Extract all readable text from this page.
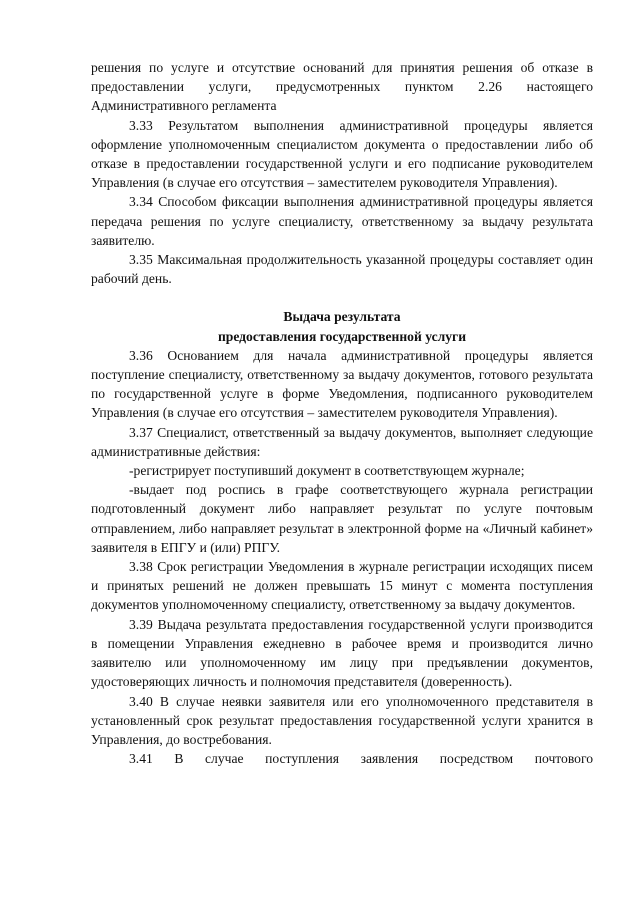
решения по услуге и отсутствие оснований для принятия решения об отказе в предоставлении услуги, предусмотренных пунктом 2.26 настоящего Административного регламента

3.33 Результатом выполнения административной процедуры является оформление уполномоченным специалистом документа о предоставлении либо об отказе в предоставлении государственной услуги и его подписание руководителем Управления (в случае его отсутствия – заместителем руководителя Управления).

3.34 Способом фиксации выполнения административной процедуры является передача решения по услуге специалисту, ответственному за выдачу результата заявителю.

3.35 Максимальная продолжительность указанной процедуры составляет один рабочий день.

Выдача результата

предоставления государственной услуги

3.36 Основанием для начала административной процедуры является поступление специалисту, ответственному за выдачу документов, готового результата по государственной услуге в форме Уведомления, подписанного руководителем Управления (в случае его отсутствия – заместителем руководителя Управления).

3.37 Специалист, ответственный за выдачу документов, выполняет следующие административные действия:

-регистрирует поступивший документ в соответствующем журнале;

-выдает под роспись в графе соответствующего журнала регистрации подготовленный документ либо направляет результат по услуге почтовым отправлением, либо направляет результат в электронной форме на «Личный кабинет» заявителя в ЕПГУ и (или) РПГУ.

3.38 Срок регистрации Уведомления в журнале регистрации исходящих писем и принятых решений не должен превышать 15 минут с момента поступления документов уполномоченному специалисту, ответственному за выдачу документов.

3.39 Выдача результата предоставления государственной услуги производится в помещении Управления ежедневно в рабочее время и производится лично заявителю или уполномоченному им лицу при предъявлении документов, удостоверяющих личность и полномочия представителя (доверенность).

3.40 В случае неявки заявителя или его уполномоченного представителя в установленный срок результат предоставления государственной услуги хранится в Управления, до востребования.

3.41 В случае поступления заявления посредством почтового
